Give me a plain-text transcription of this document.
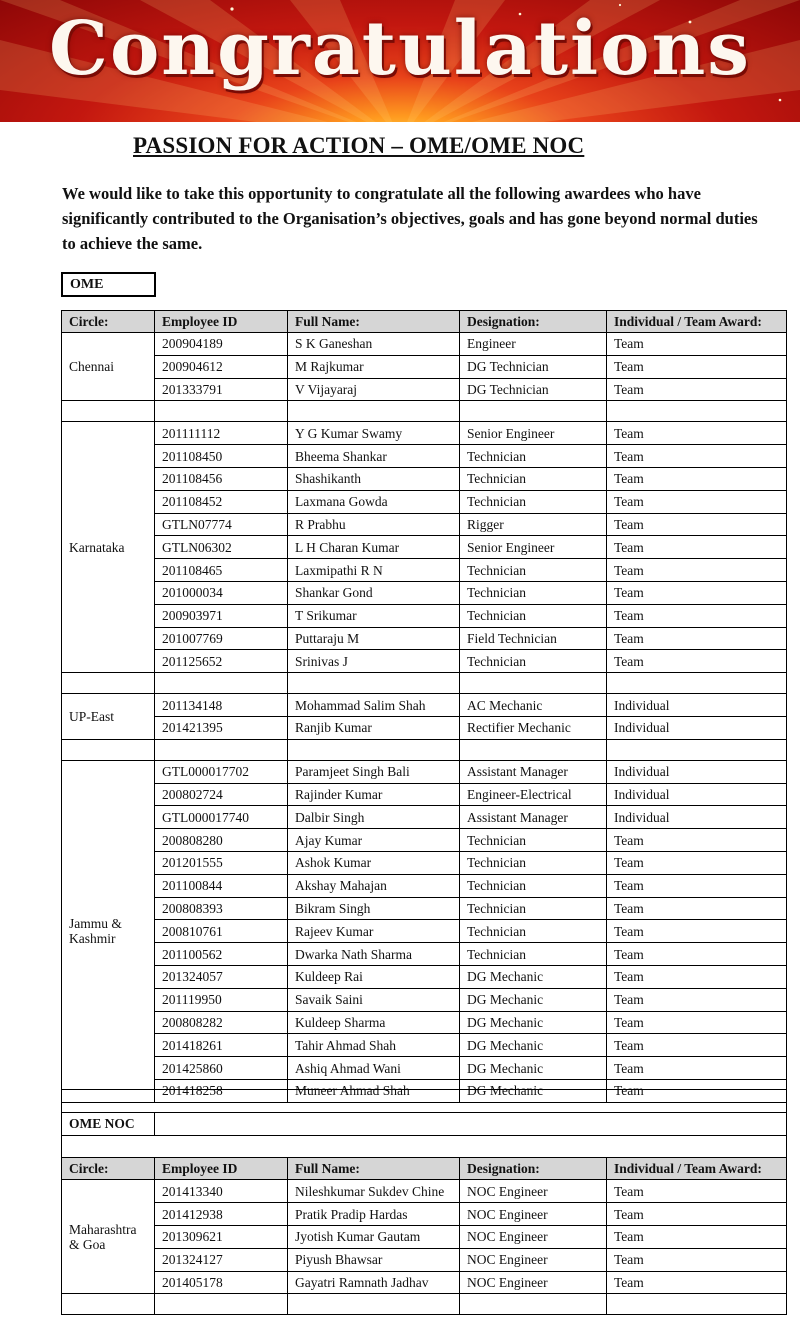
Congratulations
PASSION FOR ACTION – OME/OME NOC
We would like to take this opportunity to congratulate all the following awardees who have significantly contributed to the Organisation’s objectives, goals and has gone beyond normal duties to achieve the same.
OME
Circle:	Employee ID	Full Name:	Designation:	Individual / Team Award:
Chennai	200904189	S K Ganeshan	Engineer	Team
	200904612	M Rajkumar	DG Technician	Team
	201333791	V Vijayaraj	DG Technician	Team

Karnataka	201111112	Y G Kumar Swamy	Senior Engineer	Team
	201108450	Bheema Shankar	Technician	Team
	201108456	Shashikanth	Technician	Team
	201108452	Laxmana Gowda	Technician	Team
	GTLN07774	R Prabhu	Rigger	Team
	GTLN06302	L H Charan Kumar	Senior Engineer	Team
	201108465	Laxmipathi R N	Technician	Team
	201000034	Shankar Gond	Technician	Team
	200903971	T Srikumar	Technician	Team
	201007769	Puttaraju M	Field Technician	Team
	201125652	Srinivas J	Technician	Team

UP-East	201134148	Mohammad Salim Shah	AC Mechanic	Individual
	201421395	Ranjib Kumar	Rectifier Mechanic	Individual

Jammu & Kashmir	GTL000017702	Paramjeet Singh Bali	Assistant Manager	Individual
	200802724	Rajinder Kumar	Engineer-Electrical	Individual
	GTL000017740	Dalbir Singh	Assistant Manager	Individual
	200808280	Ajay Kumar	Technician	Team
	201201555	Ashok Kumar	Technician	Team
	201100844	Akshay Mahajan	Technician	Team
	200808393	Bikram Singh	Technician	Team
	200810761	Rajeev Kumar	Technician	Team
	201100562	Dwarka Nath Sharma	Technician	Team
	201324057	Kuldeep Rai	DG Mechanic	Team
	201119950	Savaik Saini	DG Mechanic	Team
	200808282	Kuldeep Sharma	DG Mechanic	Team
	201418261	Tahir Ahmad Shah	DG Mechanic	Team
	201425860	Ashiq Ahmad Wani	DG Mechanic	Team
	201418258	Muneer Ahmad Shah	DG Mechanic	Team

OME NOC				

Circle:	Employee ID	Full Name:	Designation:	Individual / Team Award:
Maharashtra & Goa	201413340	Nileshkumar Sukdev Chine	NOC Engineer	Team
	201412938	Pratik Pradip Hardas	NOC Engineer	Team
	201309621	Jyotish Kumar Gautam	NOC Engineer	Team
	201324127	Piyush Bhawsar	NOC Engineer	Team
	201405178	Gayatri Ramnath Jadhav	NOC Engineer	Team
